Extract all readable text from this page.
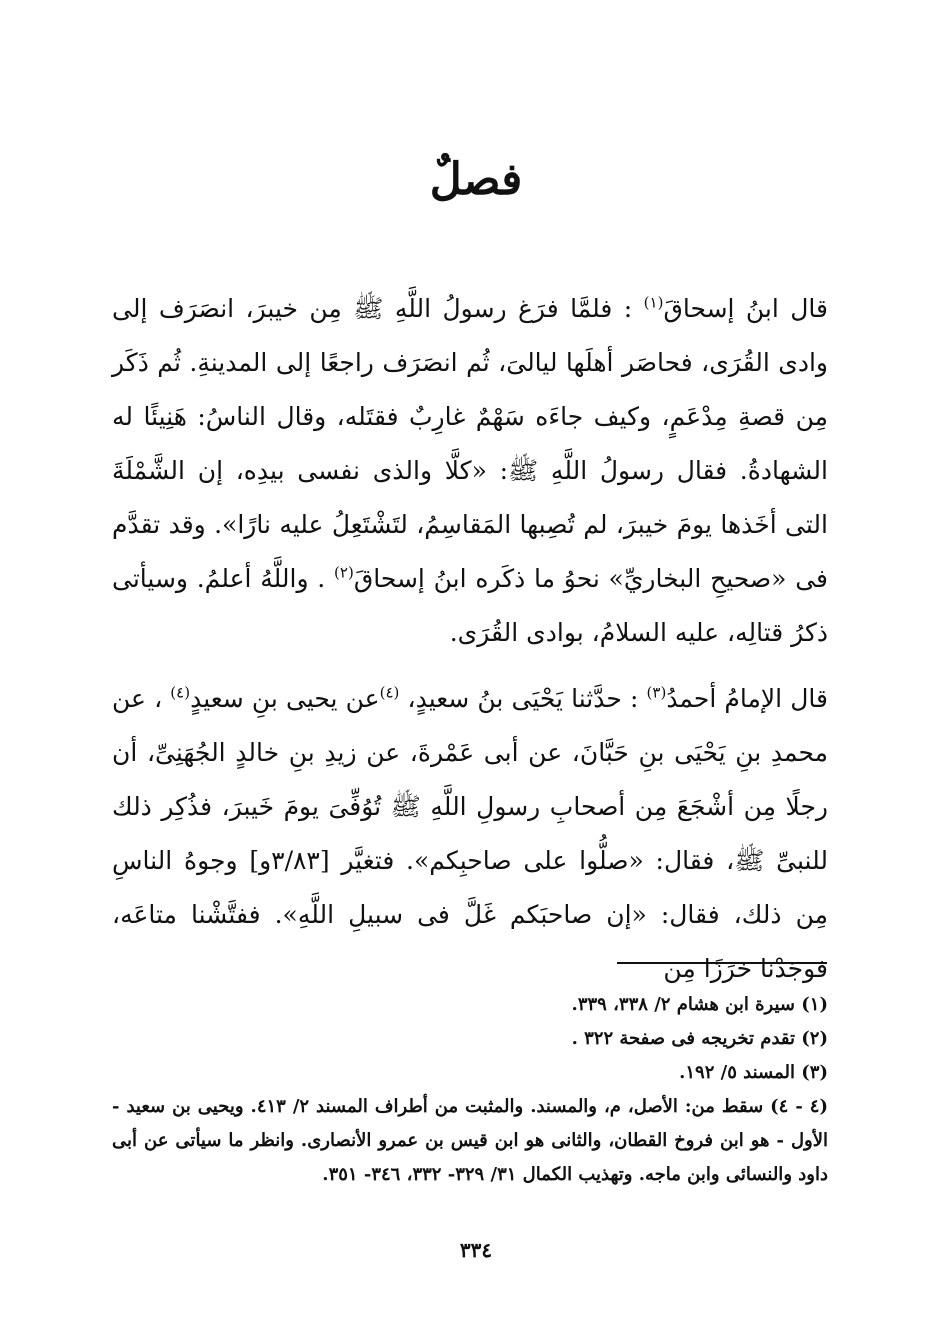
فصلٌ

قال ابنُ إسحاقَ$^{(١)}$ : فلمَّا فرَغ رسولُ اللَّهِ ﷺ مِن خيبرَ، انصَرَف إلى وادى القُرَى، فحاصَر أهلَها ليالىَ، ثُم انصَرَف راجعًا إلى المدينةِ. ثُم ذَكَر مِن قصةِ مِدْعَمٍ، وكيف جاءَه سَهْمٌ غارِبٌ فقتَله، وقال الناسُ: هَنِيئًا له الشهادةُ. فقال رسولُ اللَّهِ ﷺ: «كلَّا والذى نفسى بيدِه، إن الشَّمْلَةَ التى أخَذها يومَ خيبرَ، لم تُصِبها المَقاسِمُ، لتَشْتَعِلُ عليه نارًا». وقد تقدَّم فى «صحيحِ البخاريِّ» نحوُ ما ذكَره ابنُ إسحاقَ$^{(٢)}$ . واللَّهُ أعلمُ. وسيأتى ذكرُ قتالِه، عليه السلامُ، بوادى القُرَى.

قال الإمامُ أحمدُ$^{(٣)}$ : حدَّثنا يَحْيَى بنُ سعيدٍ، $^{(٤)}$عن يحيى بنِ سعيدٍ$^{(٤)}$ ، عن محمدِ بنِ يَحْيَى بنِ حَبَّانَ، عن أبى عَمْرةَ، عن زيدِ بنِ خالدٍ الجُهَنِىِّ، أن رجلًا مِن أشْجَعَ مِن أصحابِ رسولِ اللَّهِ ﷺ تُوُفِّىَ يومَ خَيبرَ، فذُكِر ذلك للنبىِّ ﷺ، فقال: «صلُّوا على صاحبِكم». فتغيَّر [٣/٨٣و] وجوهُ الناسِ مِن ذلك، فقال: «إن صاحبَكم غَلَّ فى سبيلِ اللَّهِ». ففتَّشْنا متاعَه، فوجَدْنا خرَزًا مِن

(١) سيرة ابن هشام ٢/ ٣٣٨، ٣٣٩.

(٢) تقدم تخريجه فى صفحة ٣٢٢ .

(٣) المسند ٥/ ١٩٢.

(٤ - ٤) سقط من: الأصل، م، والمسند. والمثبت من أطراف المسند ٢/ ٤١٣. ويحيى بن سعيد - الأول - هو ابن فروخ القطان، والثانى هو ابن قيس بن عمرو الأنصارى. وانظر ما سيأتى عن أبى داود والنسائى وابن ماجه. وتهذيب الكمال ٣١/ ٣٢٩- ٣٣٢، ٣٤٦- ٣٥١.

٣٣٤
